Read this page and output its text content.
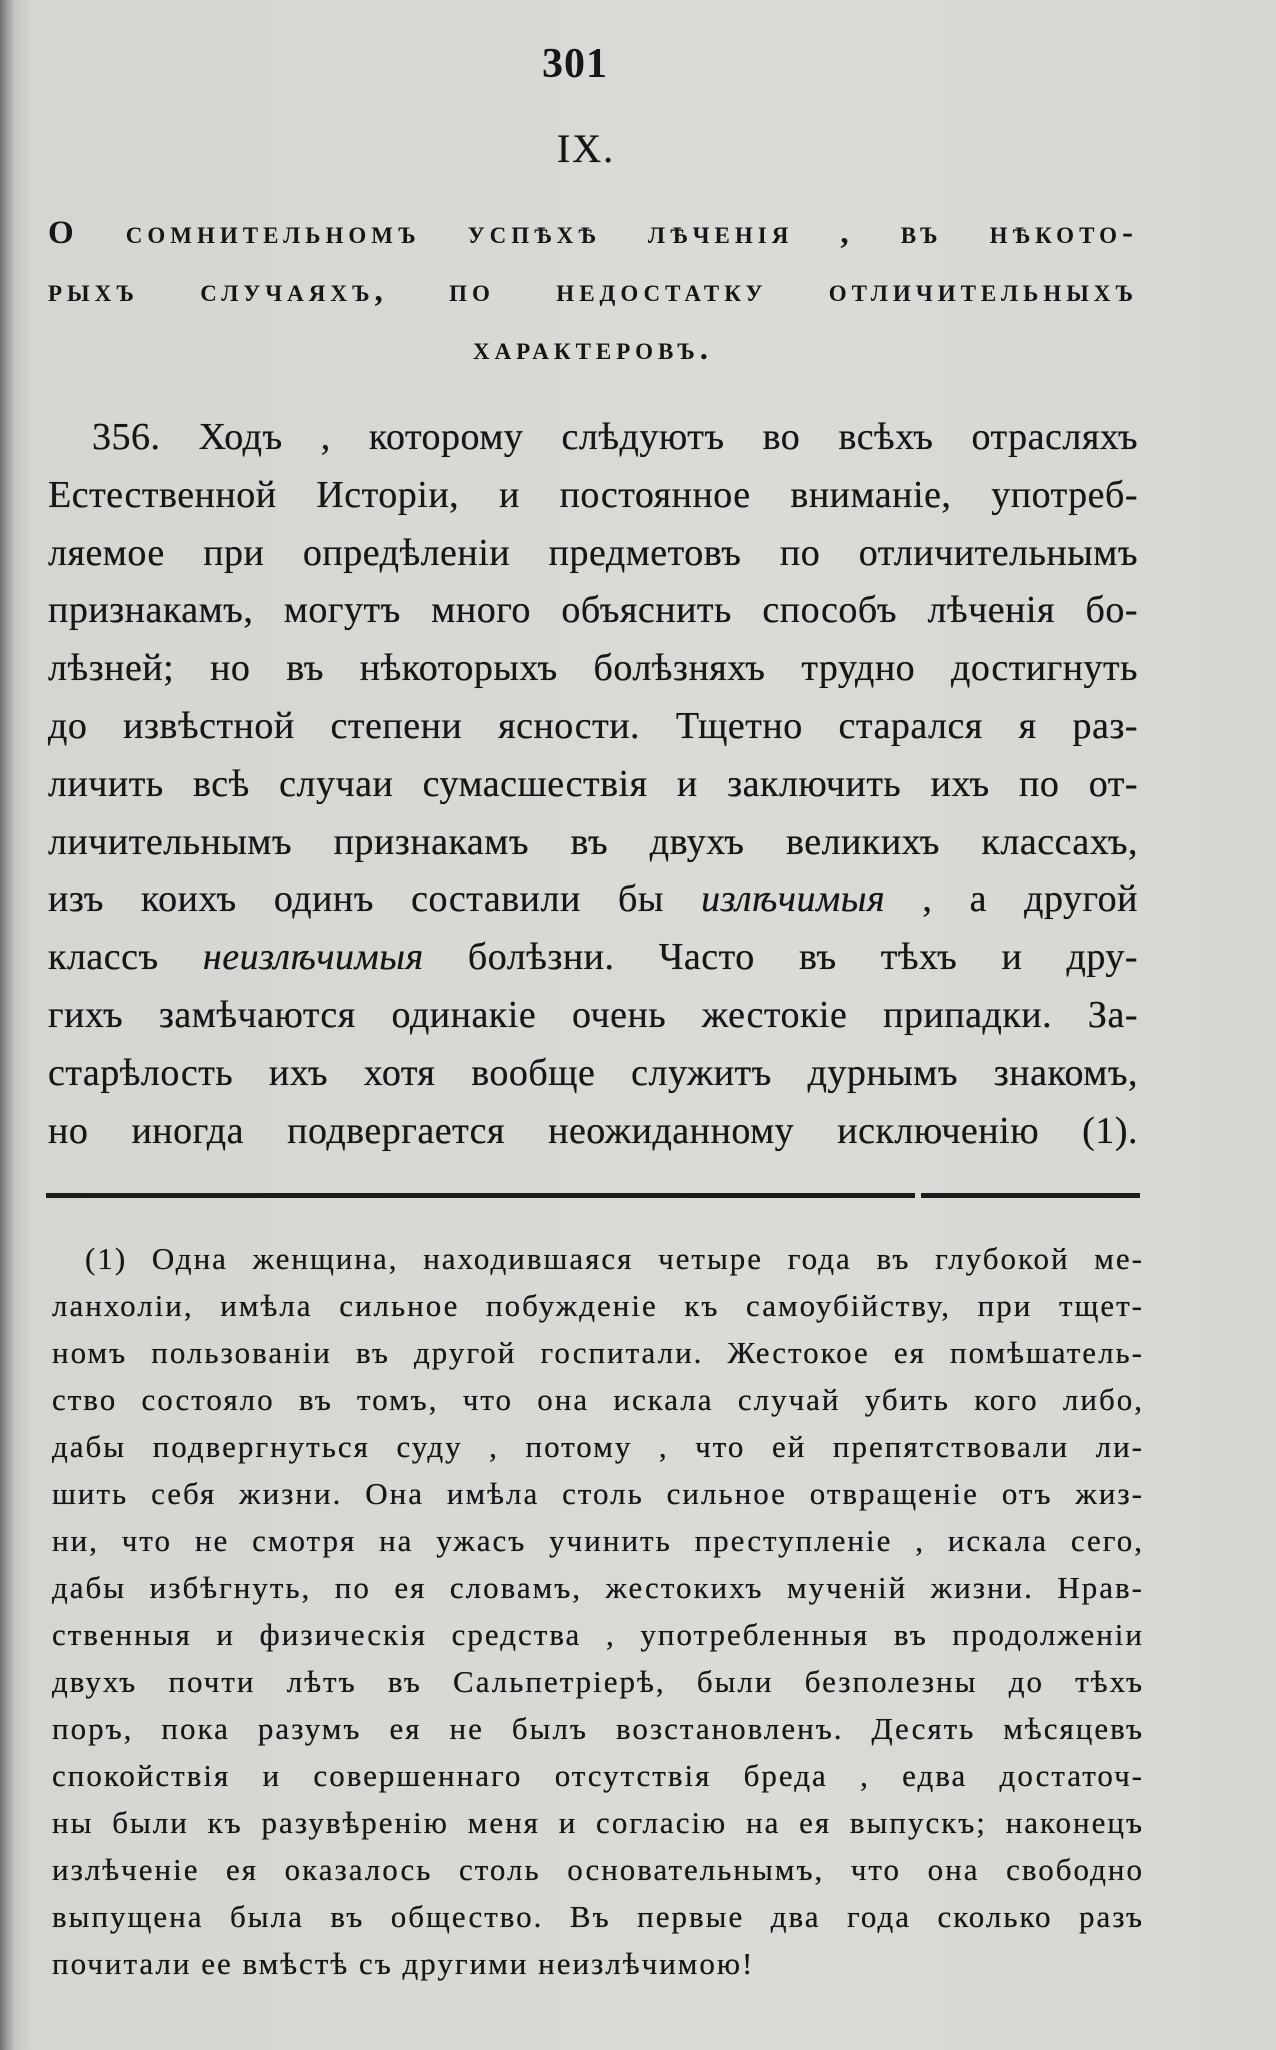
301
IX.
О сомнительномъ успѣхѣ лѣченія , въ нѣкото-
рыхъ случаяхъ, по недостатку отличительныхъ
характеровъ.
356. Ходъ , которому слѣдуютъ во всѣхъ отрасляхъ
Естественной Исторіи, и постоянное вниманіе, употреб-
ляемое при опредѣленіи предметовъ по отличительнымъ
признакамъ, могутъ много объяснить способъ лѣченія бо-
лѣзней; но въ нѣкоторыхъ болѣзняхъ трудно достигнуть
до извѣстной степени ясности. Тщетно старался я раз-
личить всѣ случаи сумасшествія и заключить ихъ по от-
личительнымъ признакамъ въ двухъ великихъ классахъ,
изъ коихъ одинъ составили бы излѣчимыя , а другой
классъ неизлѣчимыя болѣзни. Часто въ тѣхъ и дру-
гихъ замѣчаются одинакіе очень жестокіе припадки. За-
старѣлость ихъ хотя вообще служитъ дурнымъ знакомъ,
но иногда подвергается неожиданному исключенію (1).
(1) Одна женщина, находившаяся четыре года въ глубокой ме-
ланхоліи, имѣла сильное побужденіе къ самоубійству, при тщет-
номъ пользованіи въ другой госпитали. Жестокое ея помѣшатель-
ство состояло въ томъ, что она искала случай убить кого либо,
дабы подвергнуться суду , потому , что ей препятствовали ли-
шить себя жизни. Она имѣла столь сильное отвращеніе отъ жиз-
ни, что не смотря на ужасъ учинить преступленіе , искала сего,
дабы избѣгнуть, по ея словамъ, жестокихъ мученій жизни. Нрав-
ственныя и физическія средства , употребленныя въ продолженіи
двухъ почти лѣтъ въ Сальпетріерѣ, были безполезны до тѣхъ
поръ, пока разумъ ея не былъ возстановленъ. Десять мѣсяцевъ
спокойствія и совершеннаго отсутствія бреда , едва достаточ-
ны были къ разувѣренію меня и согласію на ея выпускъ; наконецъ
излѣченіе ея оказалось столь основательнымъ, что она свободно
выпущена была въ общество. Въ первые два года сколько разъ
почитали ее вмѣстѣ съ другими неизлѣчимою!
